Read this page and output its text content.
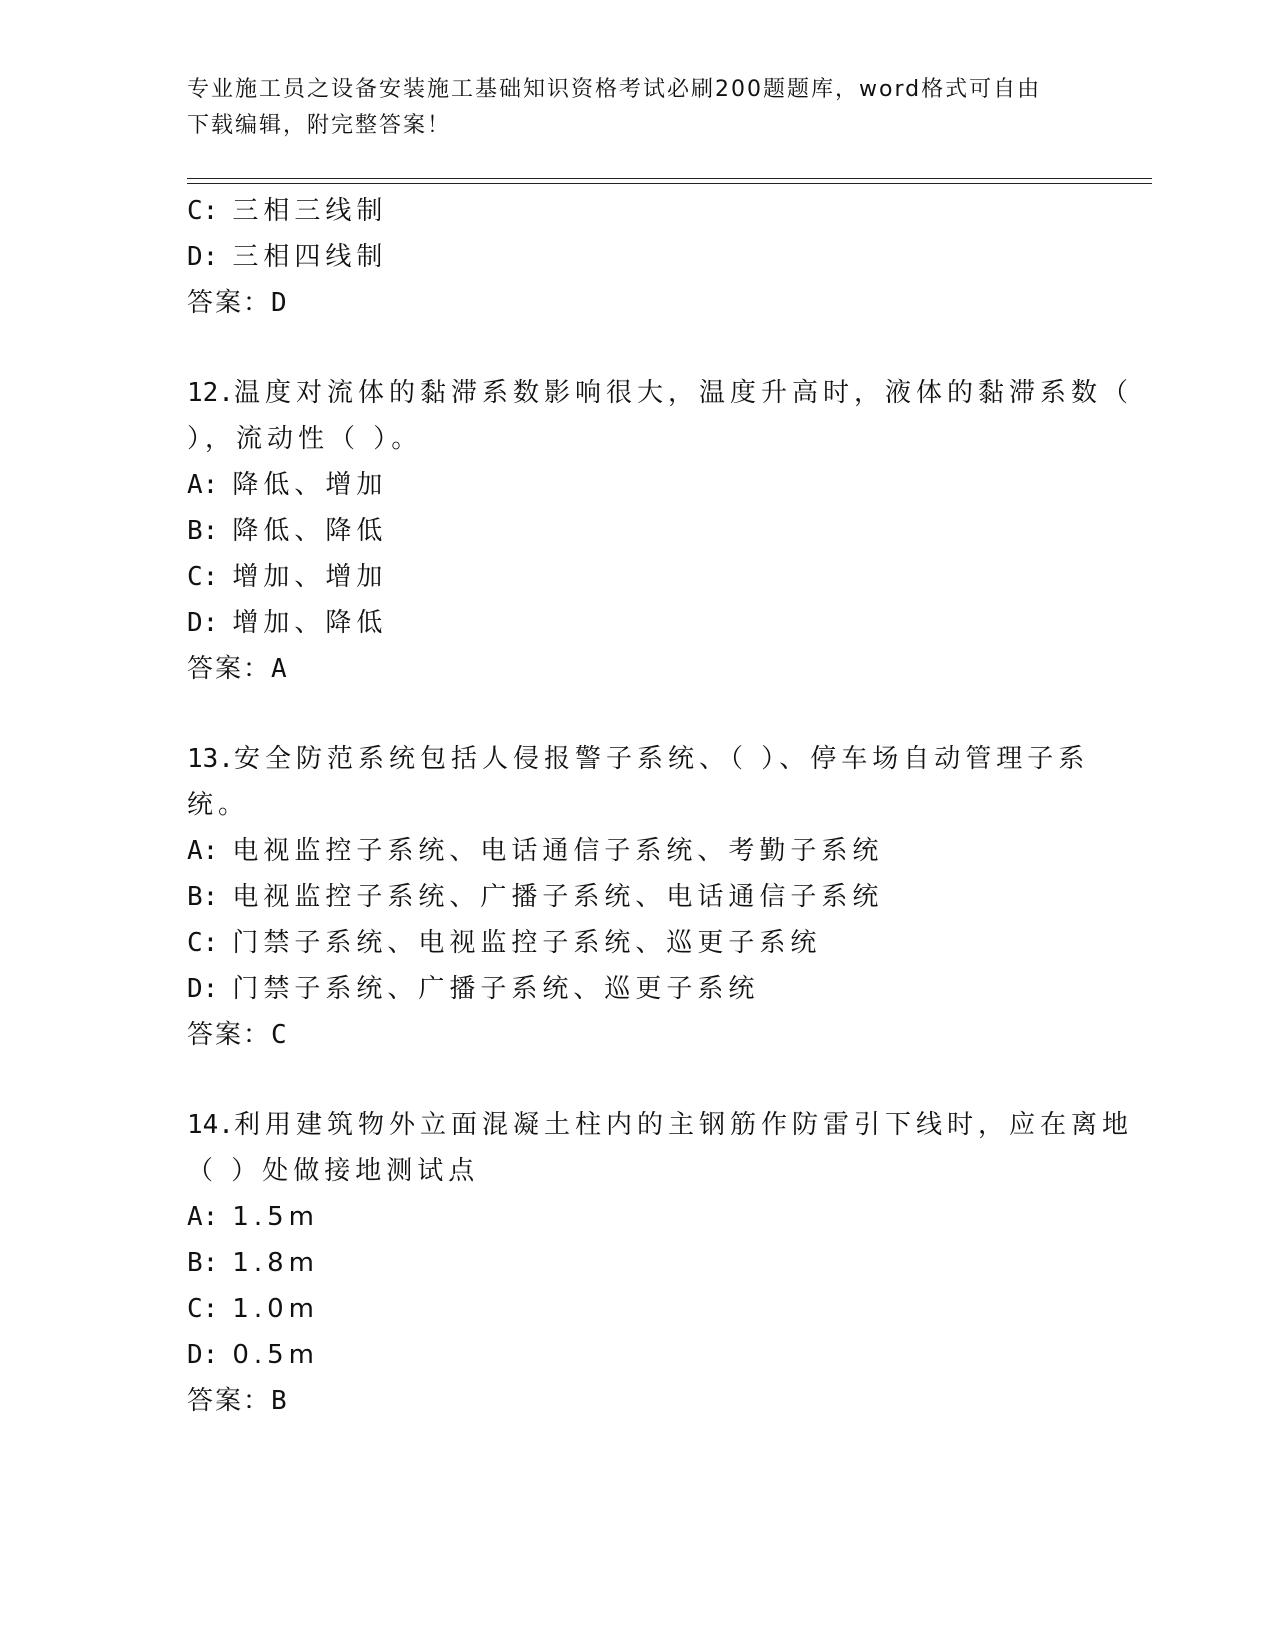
专业施工员之设备安装施工基础知识资格考试必刷200题题库，word格式可自由
下载编辑，附完整答案！
C: 三相三线制
D: 三相四线制
答案：D
12.温度对流体的黏滞系数影响很大，温度升高时，液体的黏滞系数（
），流动性（ ）。
A: 降低、增加
B: 降低、降低
C: 增加、增加
D: 增加、降低
答案：A
13.安全防范系统包括人侵报警子系统、（ ）、停车场自动管理子系
统。
A: 电视监控子系统、电话通信子系统、考勤子系统
B: 电视监控子系统、广播子系统、电话通信子系统
C: 门禁子系统、电视监控子系统、巡更子系统
D: 门禁子系统、广播子系统、巡更子系统
答案：C
14.利用建筑物外立面混凝土柱内的主钢筋作防雷引下线时，应在离地
（ ）处做接地测试点
A: 1.5m
B: 1.8m
C: 1.0m
D: 0.5m
答案：B
